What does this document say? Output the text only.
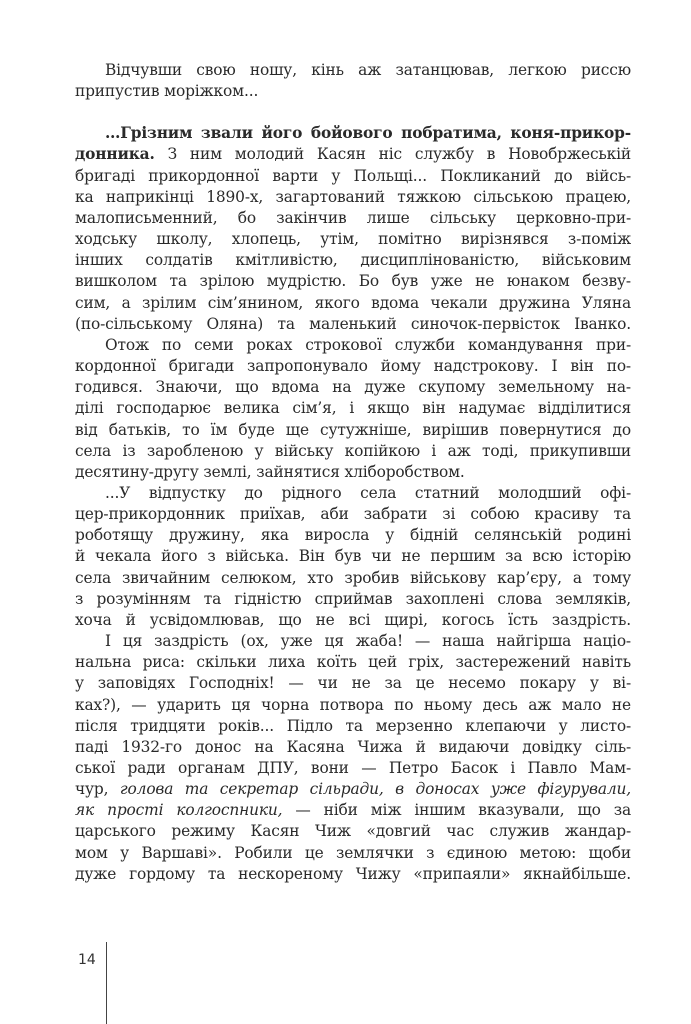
Відчувши свою ношу, кінь аж затанцював, легкою риссю
припустив моріжком...
…Грізним звали його бойового побратима, коня-прикор-
донника. З ним молодий Касян ніс службу в Новобржеській
бригаді прикордонної варти у Польщі... Покликаний до війсь-
ка наприкінці 1890-х, загартований тяжкою сільською працею,
малописьменний, бо закінчив лише сільську церковно-при-
ходську школу, хлопець, утім, помітно вирізнявся з-поміж
інших солдатів кмітливістю, дисциплінованістю, військовим
вишколом та зрілою мудрістю. Бо був уже не юнаком безву-
сим, а зрілим сім’янином, якого вдома чекали дружина Уляна
(по-сільському Оляна) та маленький синочок-первісток Іванко.
Отож по семи роках строкової служби командування при-
кордонної бригади запропонувало йому надстрокову. І він по-
годився. Знаючи, що вдома на дуже скупому земельному на-
ділі господарює велика сім’я, і якщо він надумає відділитися
від батьків, то їм буде ще сутужніше, вирішив повернутися до
села із заробленою у війську копійкою і аж тоді, прикупивши
десятину-другу землі, зайнятися хліборобством.
...У відпустку до рідного села статний молодший офі-
цер-прикордонник приїхав, аби забрати зі собою красиву та
роботящу дружину, яка виросла у бідній селянській родині
й чекала його з війська. Він був чи не першим за всю історію
села звичайним селюком, хто зробив військову кар’єру, а тому
з розумінням та гідністю сприймав захоплені слова земляків,
хоча й усвідомлював, що не всі щирі, когось їсть заздрість.
І ця заздрість (ох, уже ця жаба! — наша найгірша націо-
нальна риса: скільки лиха коїть цей гріх, застережений навіть
у заповідях Господніх! — чи не за це несемо покару у ві-
ках?), — ударить ця чорна потвора по ньому десь аж мало не
після тридцяти років... Підло та мерзенно клепаючи у листо-
паді 1932-го донос на Касяна Чижа й видаючи довідку сіль-
ської ради органам ДПУ, вони — Петро Басок і Павло Мам-
чур, голова та секретар сільради, в доносах уже фігурували,
як прості колгоспники, — ніби між іншим вказували, що за
царського режиму Касян Чиж «довгий час служив жандар-
мом у Варшаві». Робили це землячки з єдиною метою: щоби
дуже гордому та нескореному Чижу «припаяли» якнайбільше.
14
